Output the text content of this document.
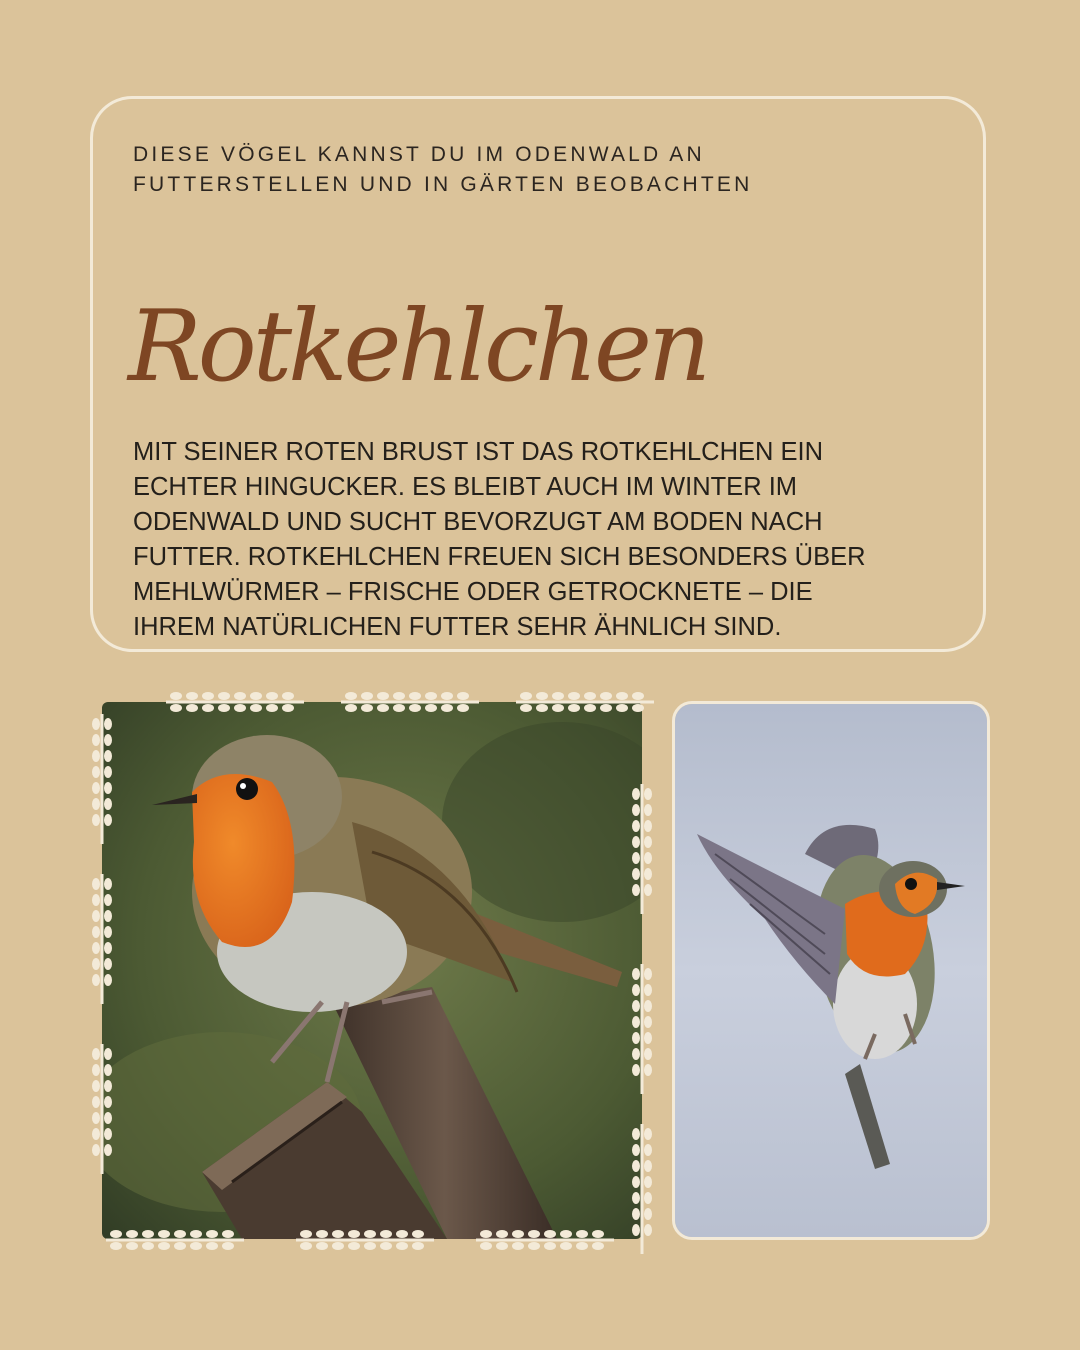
DIESE VÖGEL KANNST DU IM ODENWALD AN
FUTTERSTELLEN UND IN GÄRTEN BEOBACHTEN
Rotkehlchen
MIT SEINER ROTEN BRUST IST DAS ROTKEHLCHEN EIN
ECHTER HINGUCKER. ES BLEIBT AUCH IM WINTER IM
ODENWALD UND SUCHT BEVORZUGT AM BODEN NACH
FUTTER. ROTKEHLCHEN FREUEN SICH BESONDERS ÜBER
MEHLWÜRMER – FRISCHE ODER GETROCKNETE – DIE
IHREM NATÜRLICHEN FUTTER SEHR ÄHNLICH SIND.
